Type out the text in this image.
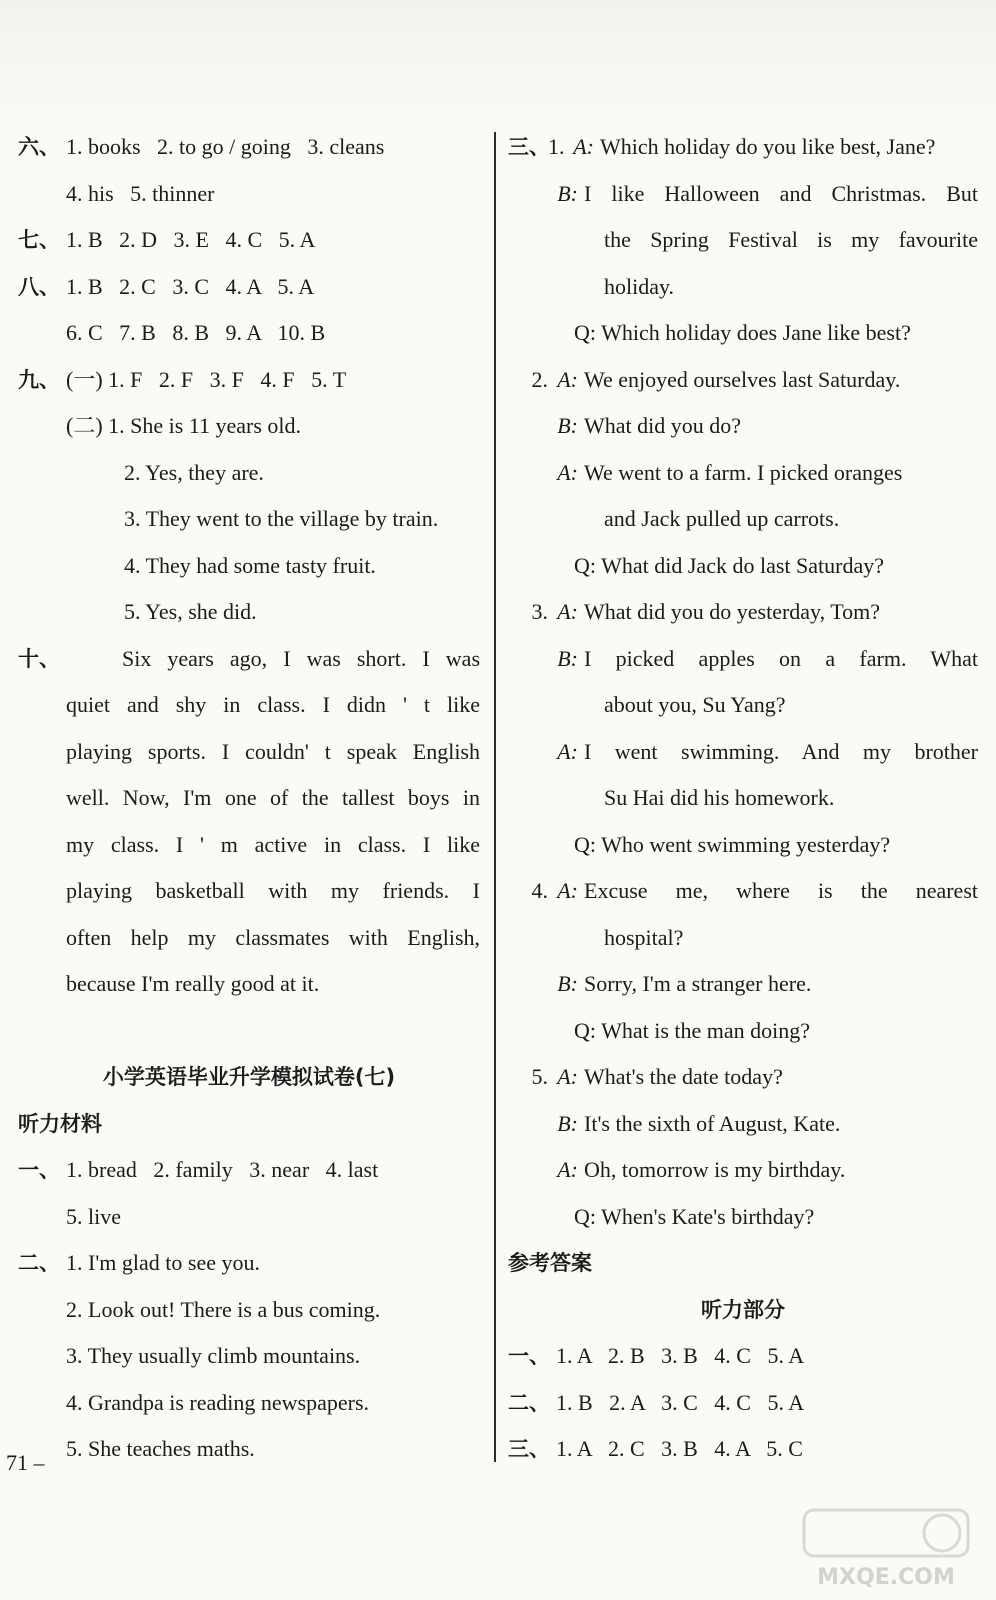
六、 1. books   2. to go / going   3. cleans
4. his   5. thinner
七、 1. B   2. D   3. E   4. C   5. A
八、 1. B   2. C   3. C   4. A   5. A
6. C   7. B   8. B   9. A   10. B
九、 (一) 1. F   2. F   3. F   4. F   5. T
(二) 1. She is 11 years old.
2. Yes, they are.
3. They went to the village by train.
4. They had some tasty fruit.
5. Yes, she did.
十、	Six years ago, I was short. I was
quiet and shy in class. I didn ' t like
playing sports. I couldn' t speak English
well. Now, I'm one of the tallest boys in
my class. I ' m active in class. I like
playing basketball with my friends. I
often help my classmates with English,
because I'm really good at it.
小学英语毕业升学模拟试卷(七)
听力材料
一、 1. bread   2. family   3. near   4. last
5. live
二、 1. I'm glad to see you.
2. Look out! There is a bus coming.
3. They usually climb mountains.
4. Grandpa is reading newspapers.
5. She teaches maths.
三、1. A: Which holiday do you like best, Jane?
B: I like Halloween and Christmas. But
the Spring Festival is my favourite
holiday.
Q: Which holiday does Jane like best?
2. A: We enjoyed ourselves last Saturday.
B: What did you do?
A: We went to a farm. I picked oranges
and Jack pulled up carrots.
Q: What did Jack do last Saturday?
3. A: What did you do yesterday, Tom?
B: I picked apples on a farm. What
about you, Su Yang?
A: I went swimming. And my brother
Su Hai did his homework.
Q: Who went swimming yesterday?
4. A: Excuse me, where is the nearest
hospital?
B: Sorry, I'm a stranger here.
Q: What is the man doing?
5. A: What's the date today?
B: It's the sixth of August, Kate.
A: Oh, tomorrow is my birthday.
Q: When's Kate's birthday?
参考答案
听力部分
一、 1. A   2. B   3. B   4. C   5. A
二、 1. B   2. A   3. C   4. C   5. A
三、 1. A   2. C   3. B   4. A   5. C
71 –
MXQE.COM
